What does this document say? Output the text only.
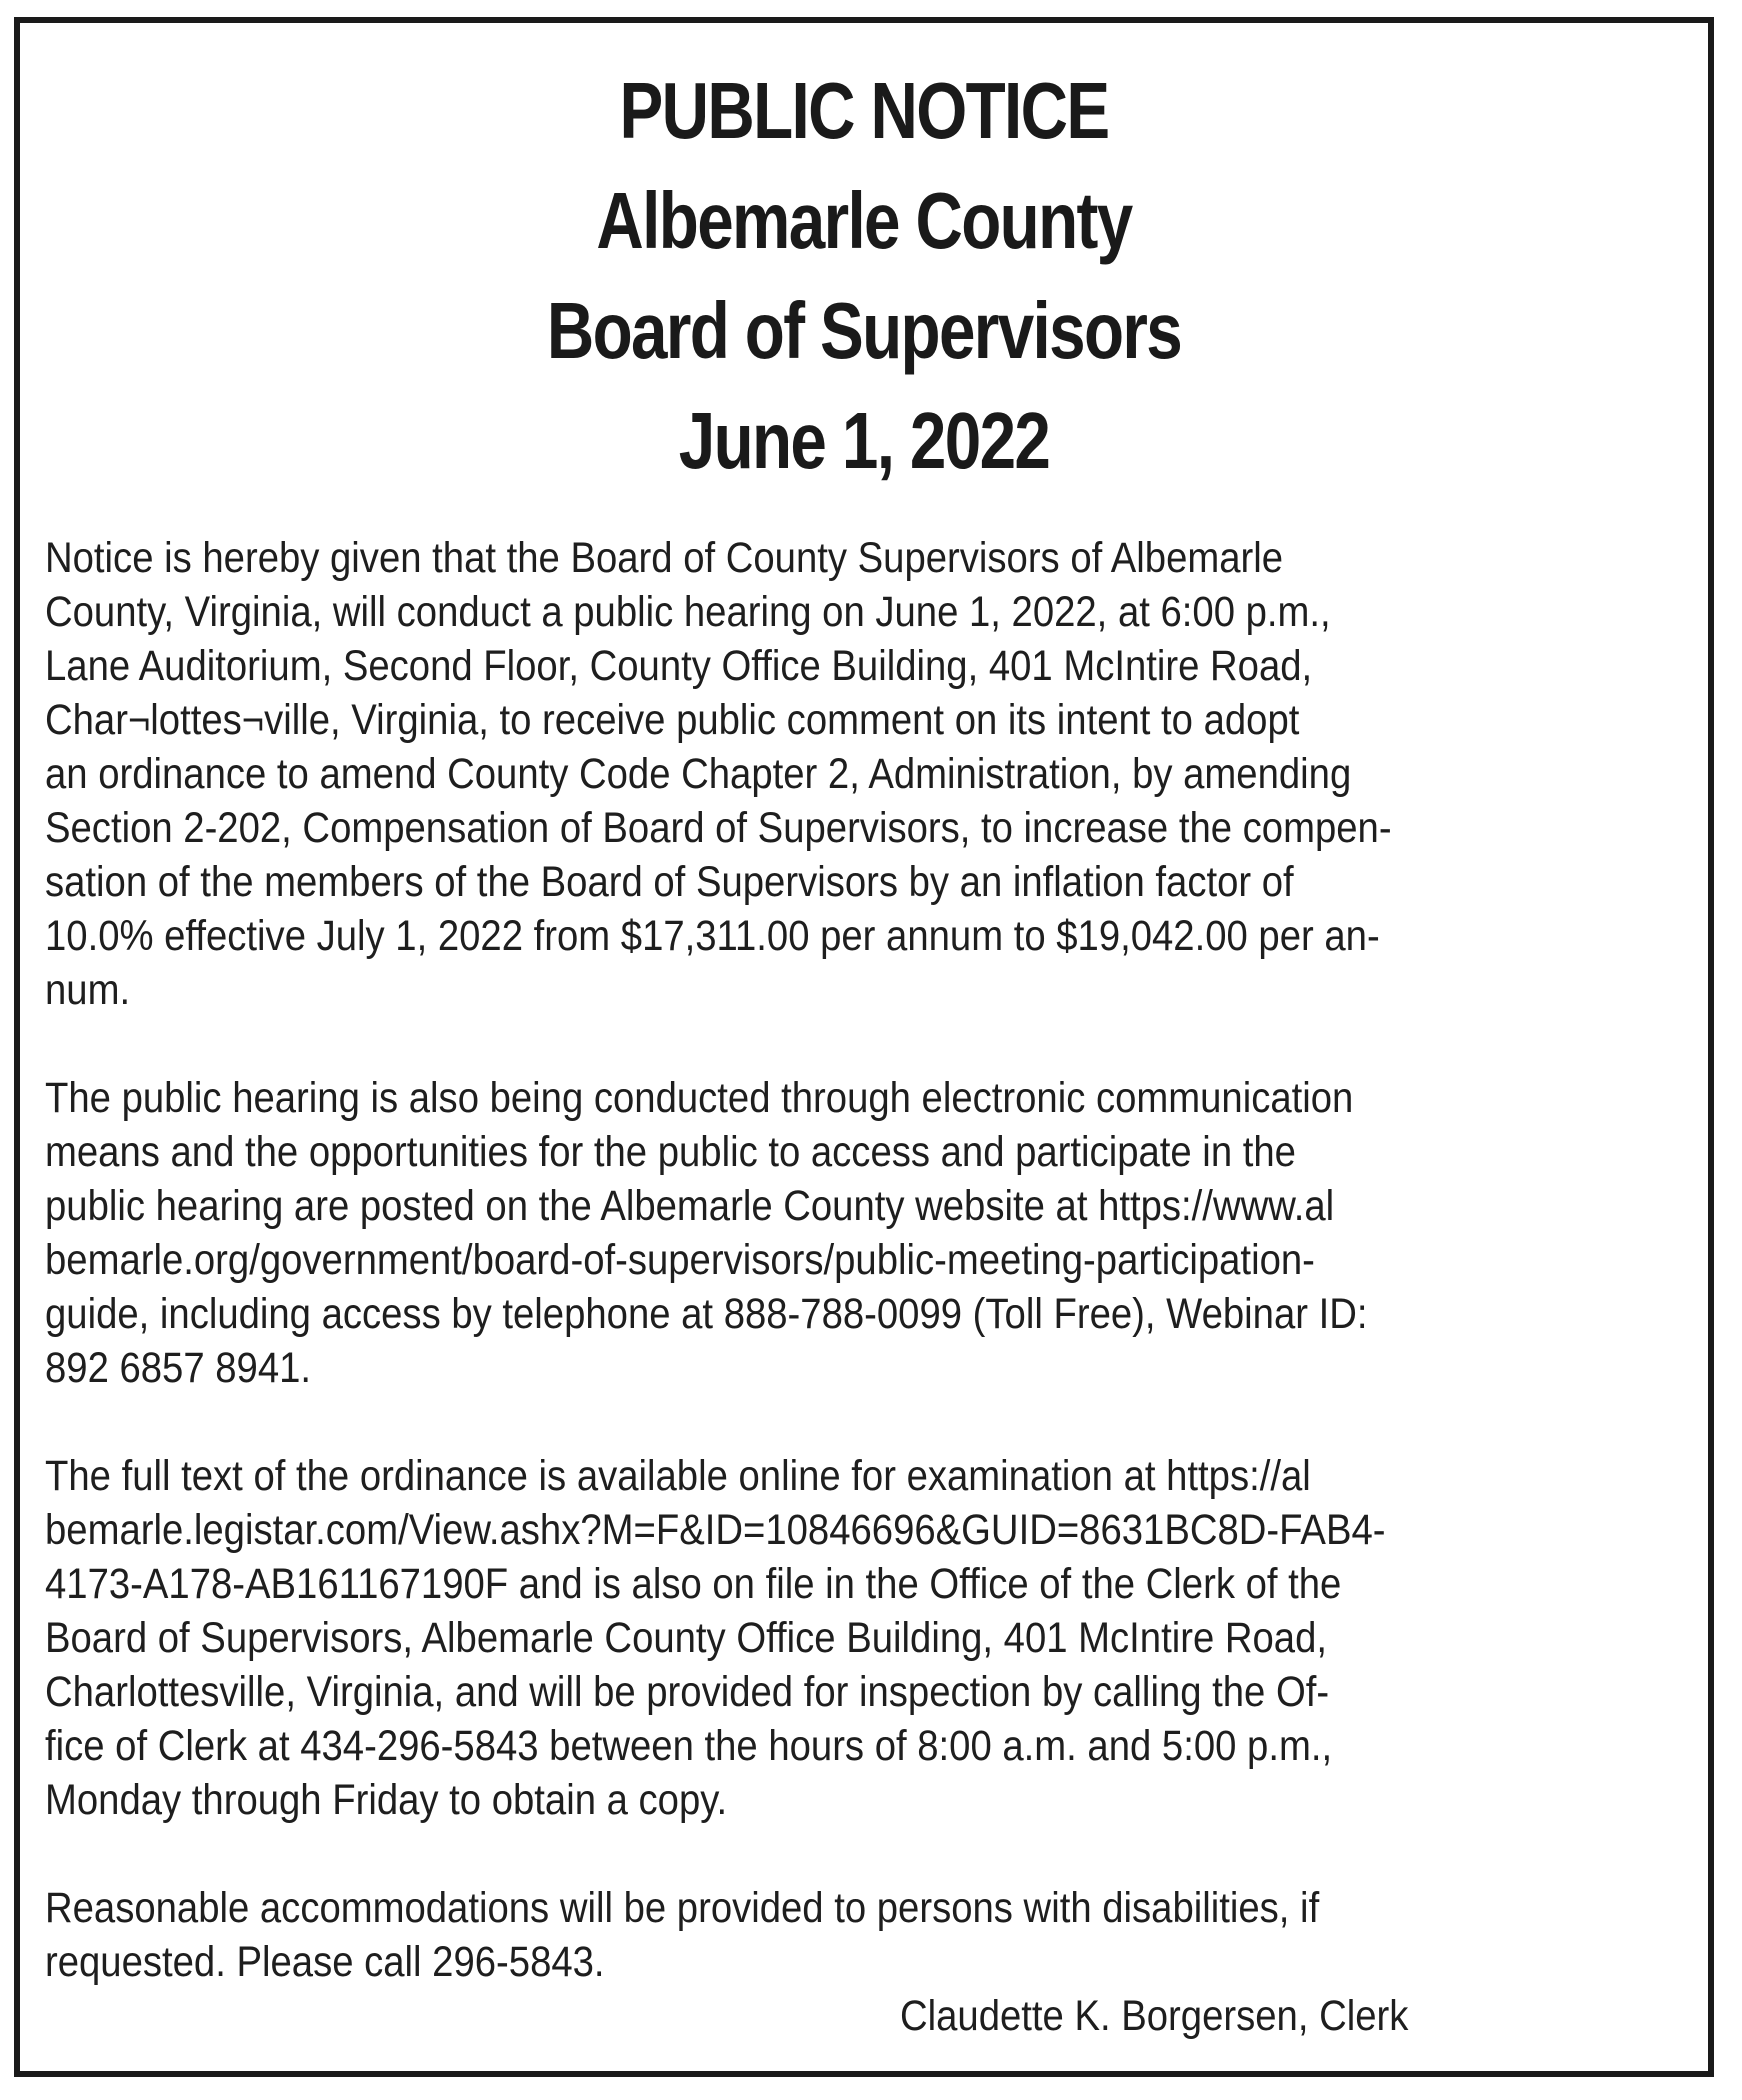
PUBLIC NOTICE
Albemarle County
Board of Supervisors
June 1, 2022
Notice is hereby given that the Board of County Supervisors of Albemarle
County, Virginia, will conduct a public hearing on June 1, 2022, at 6:00 p.m.,
Lane Auditorium, Second Floor, County Office Building, 401 McIntire Road,
Char¬lottes¬ville, Virginia, to receive public comment on its intent to adopt
an ordinance to amend County Code Chapter 2, Administration, by amending
Section 2-202, Compensation of Board of Supervisors, to increase the compen-
sation of the members of the Board of Supervisors by an inflation factor of
10.0% effective July 1, 2022 from $17,311.00 per annum to $19,042.00 per an-
num.
The public hearing is also being conducted through electronic communication
means and the opportunities for the public to access and participate in the
public hearing are posted on the Albemarle County website at https://www.al
bemarle.org/government/board-of-supervisors/public-meeting-participation-
guide, including access by telephone at 888-788-0099 (Toll Free), Webinar ID:
892 6857 8941.
The full text of the ordinance is available online for examination at https://al
bemarle.legistar.com/View.ashx?M=F&ID=10846696&GUID=8631BC8D-FAB4-
4173-A178-AB161167190F and is also on file in the Office of the Clerk of the
Board of Supervisors, Albemarle County Office Building, 401 McIntire Road,
Charlottesville, Virginia, and will be provided for inspection by calling the Of-
fice of Clerk at 434-296-5843 between the hours of 8:00 a.m. and 5:00 p.m.,
Monday through Friday to obtain a copy.
Reasonable accommodations will be provided to persons with disabilities, if
requested. Please call 296-5843.
Claudette K. Borgersen, Clerk
